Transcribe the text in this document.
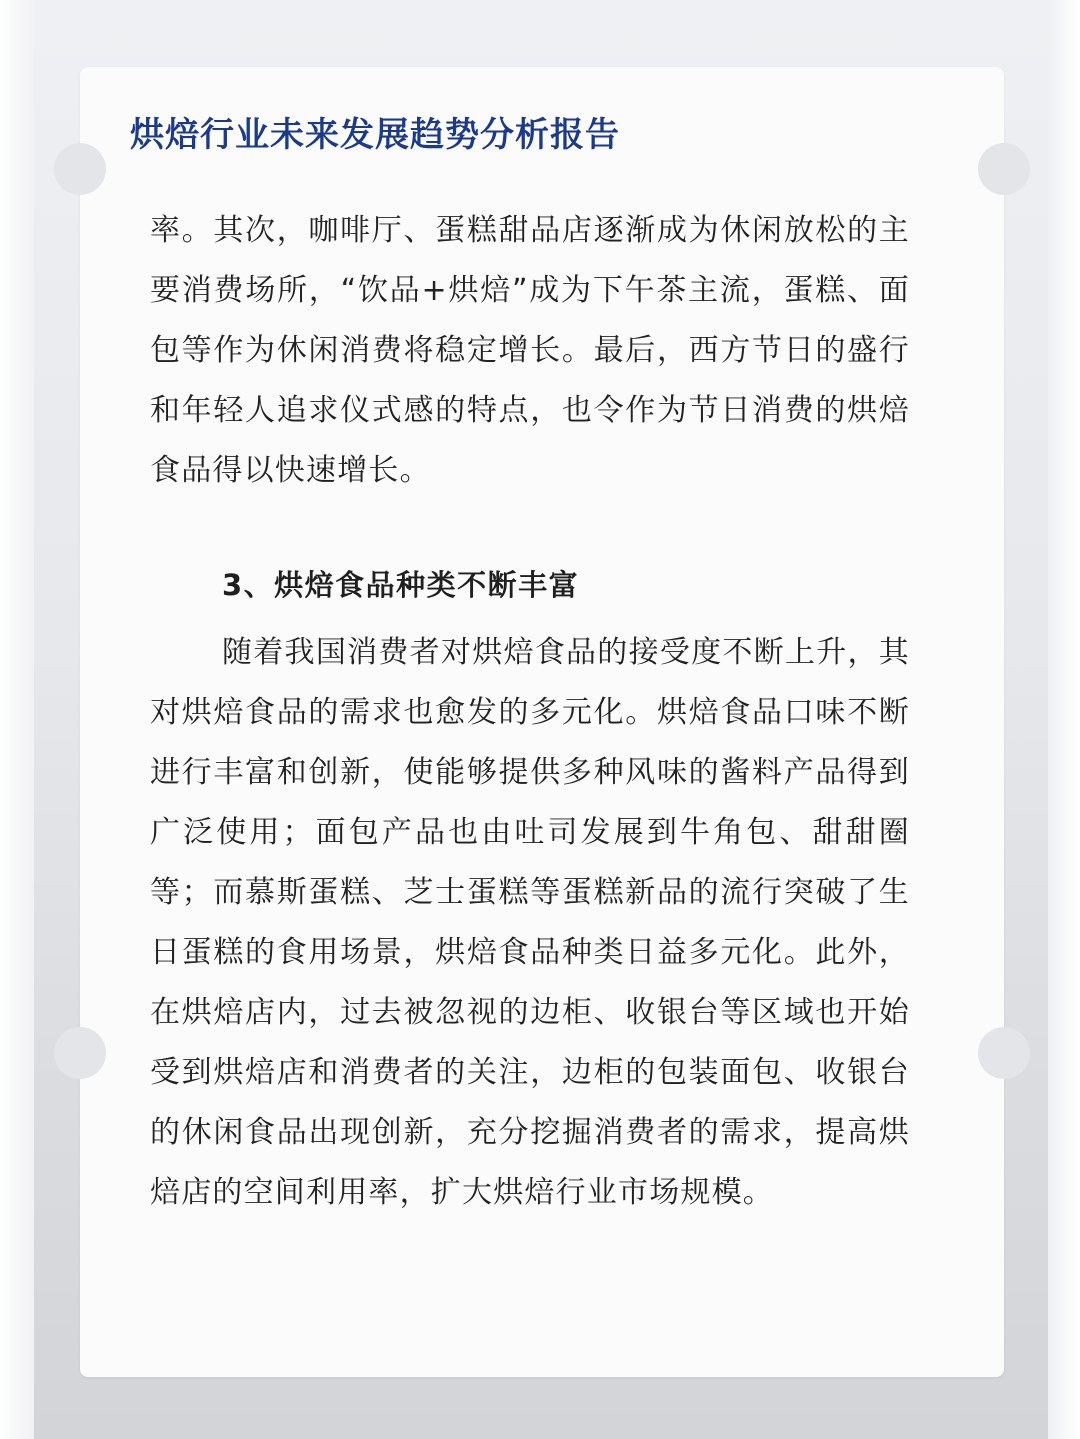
烘焙行业未来发展趋势分析报告

率。其次，咖啡厅、蛋糕甜品店逐渐成为休闲放松的主要消费场所，“饮品+烘焙”成为下午茶主流，蛋糕、面包等作为休闲消费将稳定增长。最后，西方节日的盛行和年轻人追求仪式感的特点，也令作为节日消费的烘焙食品得以快速增长。

3、烘焙食品种类不断丰富

随着我国消费者对烘焙食品的接受度不断上升，其对烘焙食品的需求也愈发的多元化。烘焙食品口味不断进行丰富和创新，使能够提供多种风味的酱料产品得到广泛使用；面包产品也由吐司发展到牛角包、甜甜圈等；而慕斯蛋糕、芝士蛋糕等蛋糕新品的流行突破了生日蛋糕的食用场景，烘焙食品种类日益多元化。此外，在烘焙店内，过去被忽视的边柜、收银台等区域也开始受到烘焙店和消费者的关注，边柜的包装面包、收银台的休闲食品出现创新，充分挖掘消费者的需求，提高烘焙店的空间利用率，扩大烘焙行业市场规模。
